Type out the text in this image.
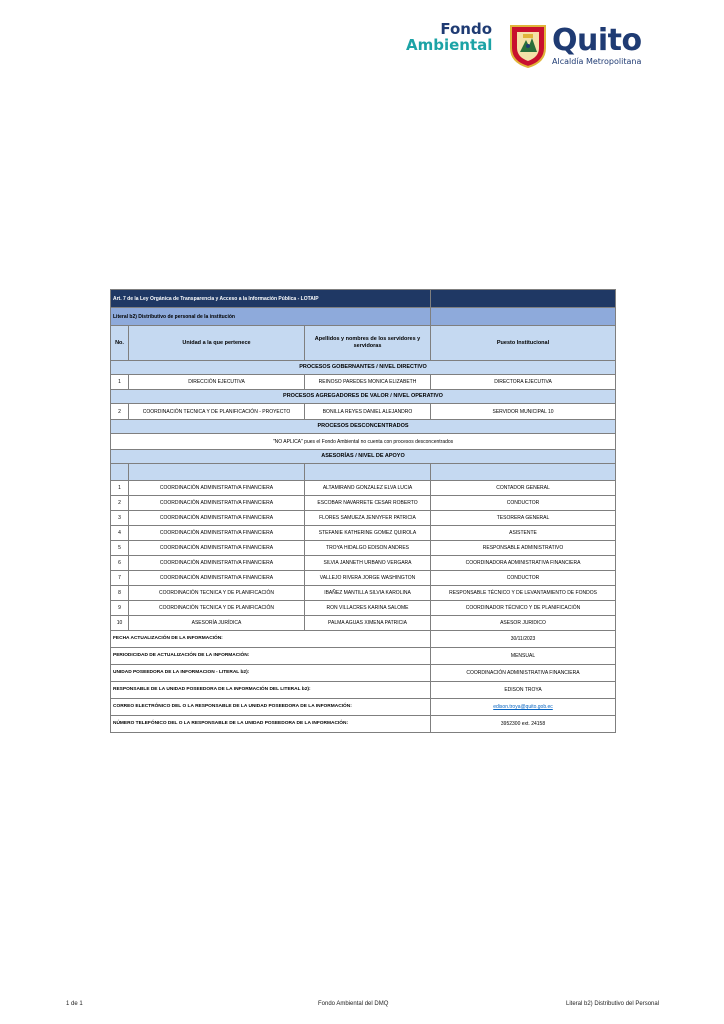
Fondo
Ambiental Quito
Alcaldía Metropolitana
Art. 7 de la Ley Orgánica de Transparencia y Acceso a la Información Pública - LOTAIP			
Literal b2) Distributivo de personal de la institución			
No.	Unidad a la que pertenece	Apellidos y nombres de los servidores y servidoras	Puesto Institucional
PROCESOS GOBERNANTES / NIVEL DIRECTIVO			
1	DIRECCIÓN EJECUTIVA	REINOSO PAREDES MONICA ELIZABETH	DIRECTORA EJECUTIVA
PROCESOS AGREGADORES DE VALOR / NIVEL OPERATIVO			
2	COORDINACIÓN TECNICA Y DE PLANIFICACIÓN - PROYECTO	BONILLA REYES DANIEL ALEJANDRO	SERVIDOR MUNICIPAL 10
PROCESOS DESCONCENTRADOS			
"NO APLICA" pues el Fondo Ambiental no cuenta con procesos desconcentrados			
ASESORÍAS / NIVEL DE APOYO			

1	COORDINACIÓN ADMINISTRATIVA FINANCIERA	ALTAMIRANO GONZALEZ ELVA LUCIA	CONTADOR GENERAL
2	COORDINACIÓN ADMINISTRATIVA FINANCIERA	ESCOBAR NAVARRETE CESAR ROBERTO	CONDUCTOR
3	COORDINACIÓN ADMINISTRATIVA FINANCIERA	FLORES SAMUEZA JENNYFER PATRICIA	TESORERA GENERAL
4	COORDINACIÓN ADMINISTRATIVA FINANCIERA	STEFANIE KATHERINE GOMEZ QUIROLA	ASISTENTE
5	COORDINACIÓN ADMINISTRATIVA FINANCIERA	TROYA HIDALGO EDISON ANDRES	RESPONSABLE ADMINISTRATIVO
6	COORDINACIÓN ADMINISTRATIVA FINANCIERA	SILVIA JANNETH URBANO VERGARA	COORDINADORA ADMINISTRATIVA FINANCIERA
7	COORDINACIÓN ADMINISTRATIVA FINANCIERA	VALLEJO RIVERA JORGE WASHINGTON	CONDUCTOR
8	COORDINACIÓN TECNICA Y DE PLANIFICACIÓN	IBAÑEZ MANTILLA SILVIA KAROLINA	RESPONSABLE TÉCNICO Y DE LEVANTAMIENTO DE FONDOS
9	COORDINACIÓN TECNICA Y DE PLANIFICACIÓN	RON VILLACRES KARINA SALOME	COORDINADOR TÉCNICO Y DE PLANIFICACIÓN
10	ASESORÍA JURÍDICA	PALMA AGUAS XIMENA PATRICIA	ASESOR JURIDICO
FECHA ACTUALIZACIÓN DE LA INFORMACIÓN:			30/11/2023
PERIODICIDAD DE ACTUALIZACIÓN DE LA INFORMACIÓN:			MENSUAL
UNIDAD POSEEDORA DE LA INFORMACION - LITERAL b2):			COORDINACIÓN ADMINISTRATIVA FINANCIERA
RESPONSABLE DE LA UNIDAD POSEEDORA DE LA INFORMACIÓN DEL LITERAL b2):			EDISON TROYA
CORREO ELECTRÓNICO DEL O LA RESPONSABLE DE LA UNIDAD POSEEDORA DE LA INFORMACIÓN:			edison.troya@quito.gob.ec
NÚMERO TELEFÓNICO DEL O LA RESPONSABLE DE LA UNIDAD POSEEDORA DE LA INFORMACIÓN:			3952300 ext. 24158
1 de 1	Fondo Ambiental del DMQ	Literal b2) Distributivo del Personal
